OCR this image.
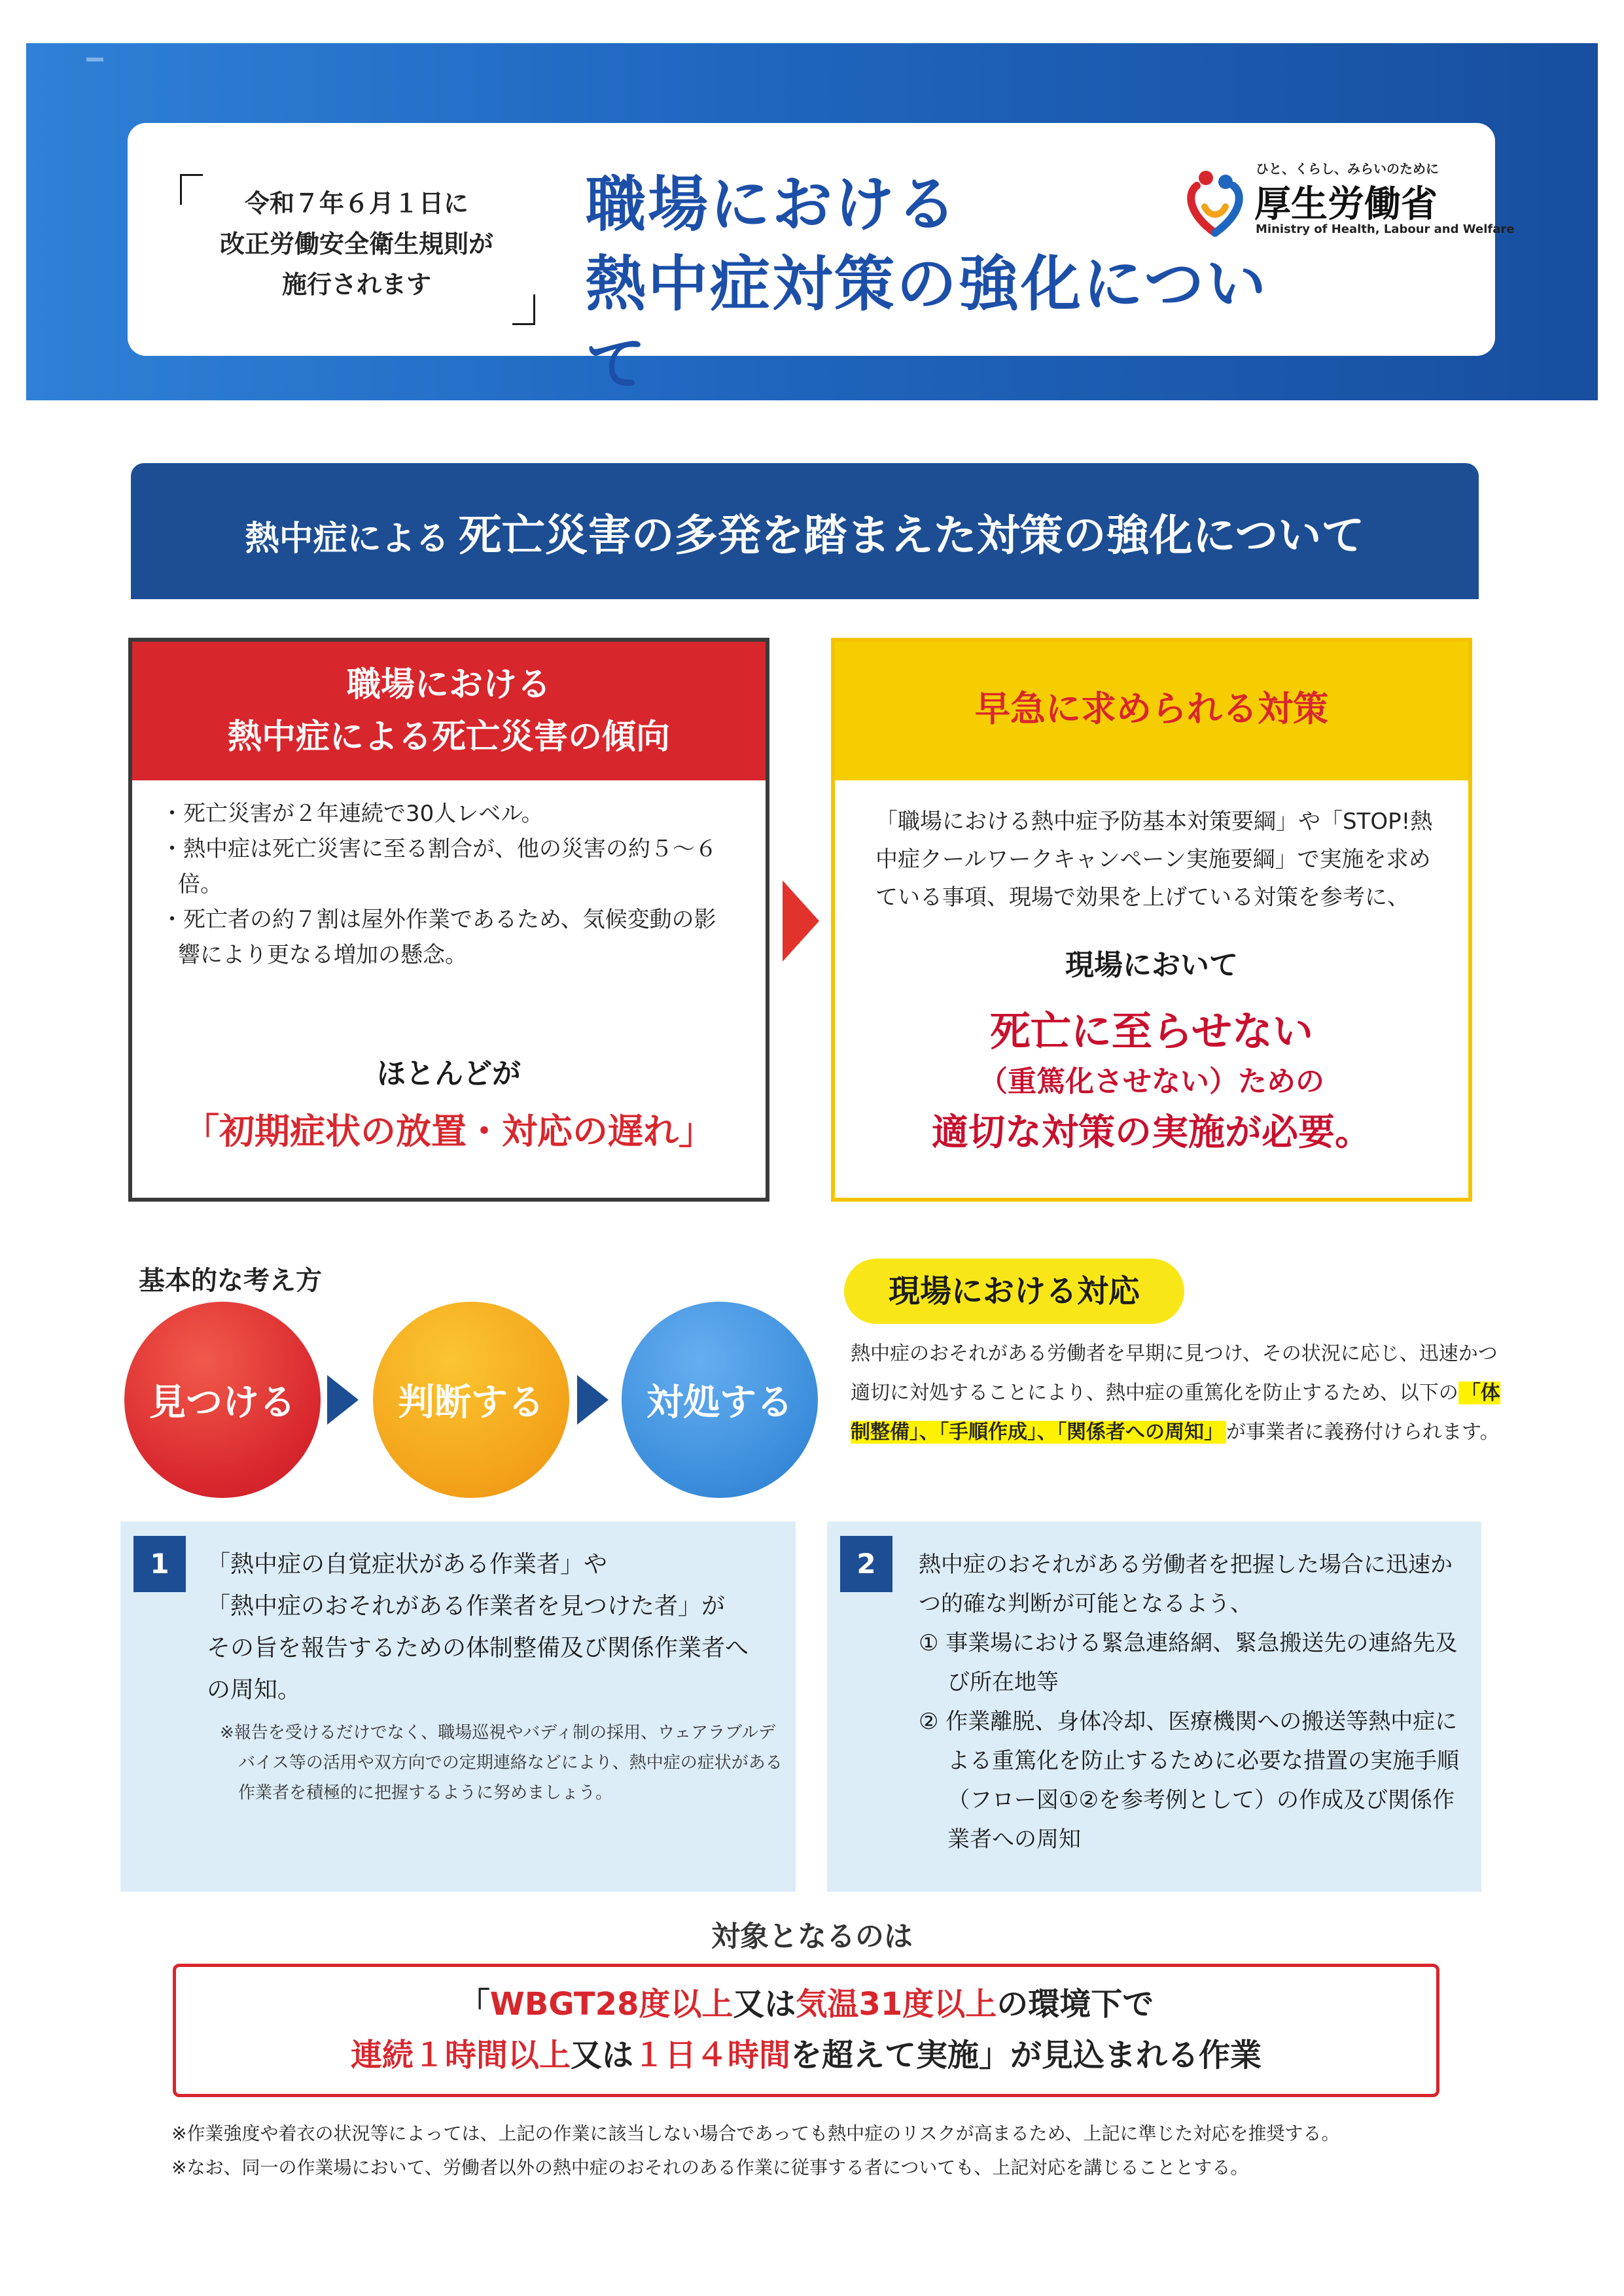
令和７年６月１日に
改正労働安全衛生規則が
施行されます
職場における
熱中症対策の強化について
ひと、くらし、みらいのために
厚生労働省
Ministry of Health, Labour and Welfare
熱中症による 死亡災害の多発を踏まえた対策の強化について
職場における
熱中症による死亡災害の傾向
・ 死亡災害が２年連続で30人レベル。
・ 熱中症は死亡災害に至る割合が、他の災害の約５～６倍。
・ 死亡者の約７割は屋外作業であるため、気候変動の影響により更なる増加の懸念。
ほとんどが
「初期症状の放置・対応の遅れ」
早急に求められる対策
「職場における熱中症予防基本対策要綱」や「STOP!熱中症クールワークキャンペーン実施要綱」で実施を求めている事項、現場で効果を上げている対策を参考に、
現場において
死亡に至らせない
（重篤化させない）ための
適切な対策の実施が必要。
基本的な考え方
見つける	判断する	対処する
現場における対応
熱中症のおそれがある労働者を早期に見つけ、その状況に応じ、迅速かつ適切に対処することにより、熱中症の重篤化を防止するため、以下の 「体制整備」、「手順作成」、「関係者への周知」 が事業者に義務付けられます。
1	「熱中症の自覚症状がある作業者」や
「熱中症のおそれがある作業者を見つけた者」が
その旨を報告するための体制整備及び関係作業者への周知。
※報告を受けるだけでなく、職場巡視やバディ制の採用、ウェアラブルデバイス等の活用や双方向での定期連絡などにより、熱中症の症状がある作業者を積極的に把握するように努めましょう。
2	熱中症のおそれがある労働者を把握した場合に迅速かつ的確な判断が可能となるよう、
① 事業場における緊急連絡網、緊急搬送先の連絡先及び所在地等
② 作業離脱、身体冷却、医療機関への搬送等熱中症による重篤化を防止するために必要な措置の実施手順（フロー図①②を参考例として）の作成及び関係作業者への周知
対象となるのは
「WBGT28度以上又は気温31度以上の環境下で
連続１時間以上又は１日４時間を超えて実施」が見込まれる作業
※作業強度や着衣の状況等によっては、上記の作業に該当しない場合であっても熱中症のリスクが高まるため、上記に準じた対応を推奨する。
※なお、同一の作業場において、労働者以外の熱中症のおそれのある作業に従事する者についても、上記対応を講じることとする。
